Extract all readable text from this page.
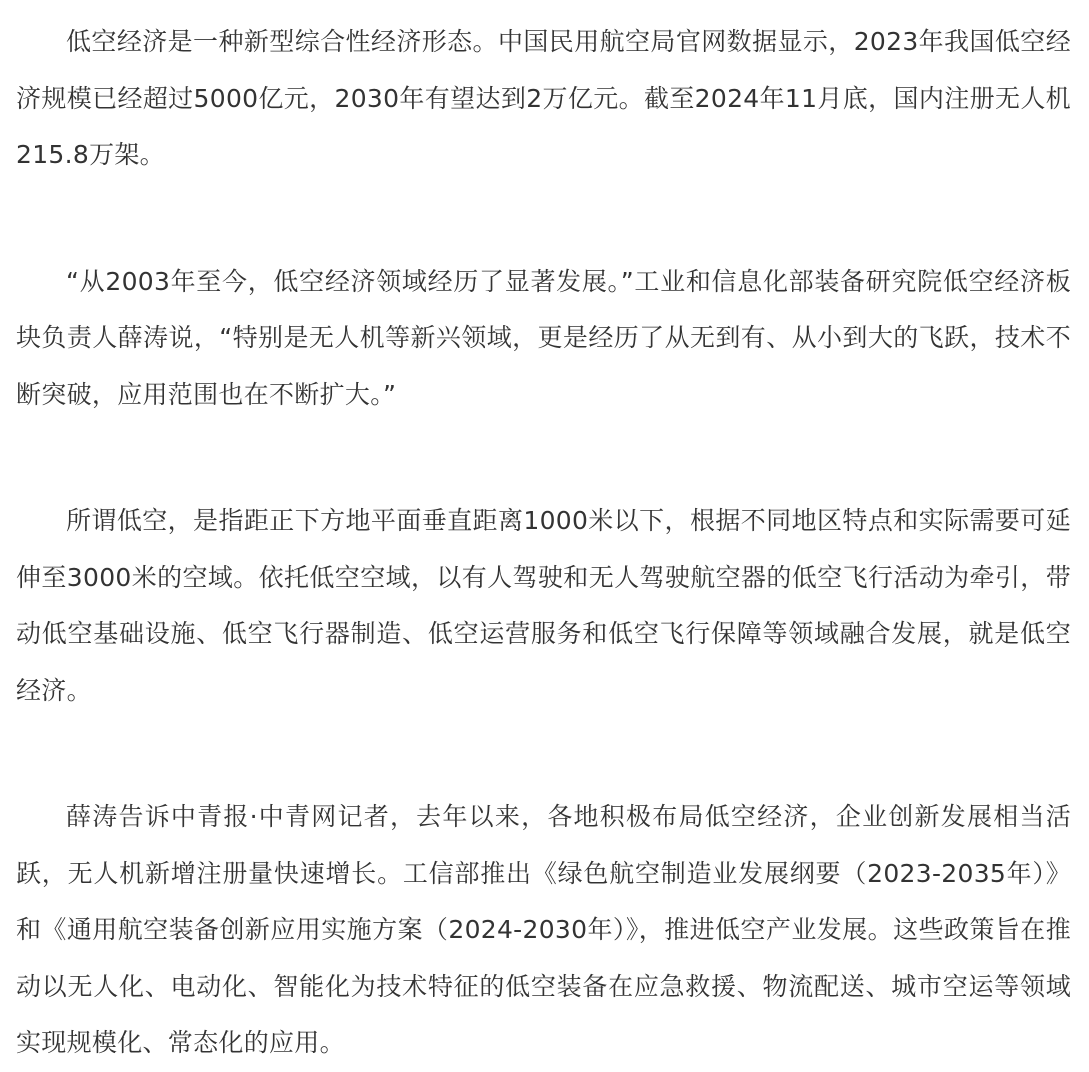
低空经济是一种新型综合性经济形态。中国民用航空局官网数据显示，2023年我国低空经济规模已经超过5000亿元，2030年有望达到2万亿元。截至2024年11月底，国内注册无人机215.8万架。

“从2003年至今，低空经济领域经历了显著发展。”工业和信息化部装备研究院低空经济板块负责人薛涛说，“特别是无人机等新兴领域，更是经历了从无到有、从小到大的飞跃，技术不断突破，应用范围也在不断扩大。”

所谓低空，是指距正下方地平面垂直距离1000米以下，根据不同地区特点和实际需要可延伸至3000米的空域。依托低空空域，以有人驾驶和无人驾驶航空器的低空飞行活动为牵引，带动低空基础设施、低空飞行器制造、低空运营服务和低空飞行保障等领域融合发展，就是低空经济。

薛涛告诉中青报·中青网记者，去年以来，各地积极布局低空经济，企业创新发展相当活跃，无人机新增注册量快速增长。工信部推出《绿色航空制造业发展纲要（2023-2035年）》和《通用航空装备创新应用实施方案（2024-2030年）》，推进低空产业发展。这些政策旨在推动以无人化、电动化、智能化为技术特征的低空装备在应急救援、物流配送、城市空运等领域实现规模化、常态化的应用。
